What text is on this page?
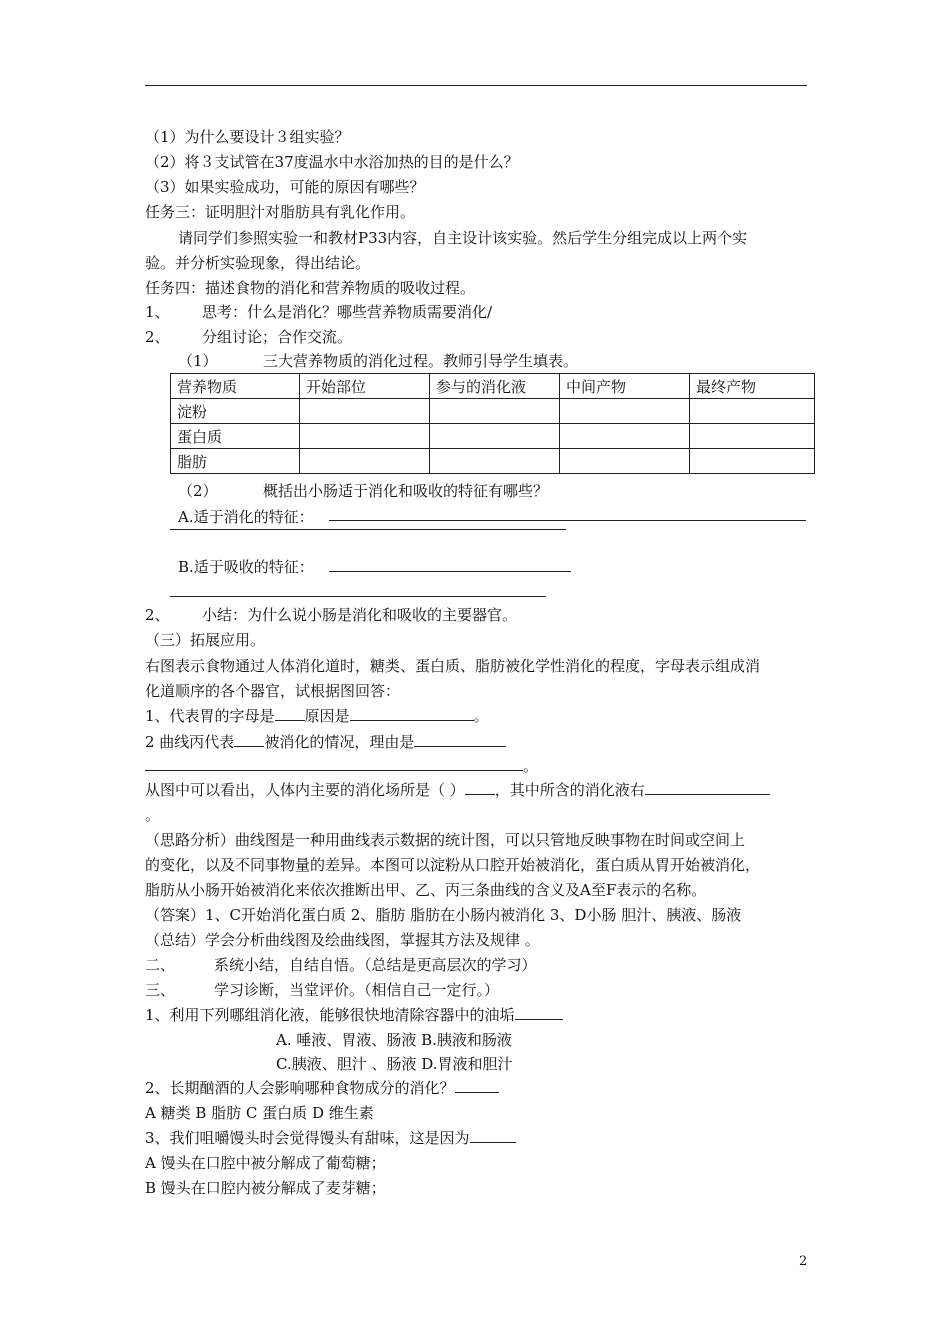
（1）为什么要设计３组实验？
（2）将３支试管在37度温水中水浴加热的目的是什么？
（3）如果实验成功，可能的原因有哪些？
任务三：证明胆汁对脂肪具有乳化作用。
请同学们参照实验一和教材P33内容，自主设计该实验。然后学生分组完成以上两个实
验。并分析实验现象，得出结论。
任务四：描述食物的消化和营养物质的吸收过程。
1、 思考：什么是消化？哪些营养物质需要消化/
2、 分组讨论；合作交流。
（1）	三大营养物质的消化过程。教师引导学生填表。
营养物质	开始部位	参与的消化液	中间产物	最终产物
淀粉				
蛋白质				
脂肪				
（2）	概括出小肠适于消化和吸收的特征有哪些？
A.适于消化的特征：
B.适于吸收的特征：
2、 小结：为什么说小肠是消化和吸收的主要器官。
（三）拓展应用。
右图表示食物通过人体消化道时，糖类、蛋白质、脂肪被化学性消化的程度，字母表示组成消
化道顺序的各个器官，试根据图回答：
1、代表胃的字母是 原因是	。
2 曲线丙代表 被消化的情况，理由是
。
从图中可以看出，人体内主要的消化场所是（ ） ，其中所含的消化液右
。
（思路分析）曲线图是一种用曲线表示数据的统计图，可以只管地反映事物在时间或空间上
的变化，以及不同事物量的差异。本图可以淀粉从口腔开始被消化，蛋白质从胃开始被消化，
脂肪从小肠开始被消化来依次推断出甲、乙、丙三条曲线的含义及A至F表示的名称。
（答案）1、C开始消化蛋白质 2、脂肪 脂肪在小肠内被消化 3、D小肠 胆汁、胰液、肠液
（总结）学会分析曲线图及绘曲线图，掌握其方法及规律 。
二、	系统小结，自结自悟。（总结是更高层次的学习）
三、	学习诊断，当堂评价。（相信自己一定行。）
1、利用下列哪组消化液，能够很快地清除容器中的油垢
A. 唾液、胃液、肠液 B.胰液和肠液
C.胰液、胆汁 、肠液 D.胃液和胆汁
2、长期酗酒的人会影响哪种食物成分的消化？
A 糖类 B 脂肪 C 蛋白质 D 维生素
3、我们咀嚼馒头时会觉得馒头有甜味，这是因为
A 馒头在口腔中被分解成了葡萄糖；
B 馒头在口腔内被分解成了麦芽糖；
2
